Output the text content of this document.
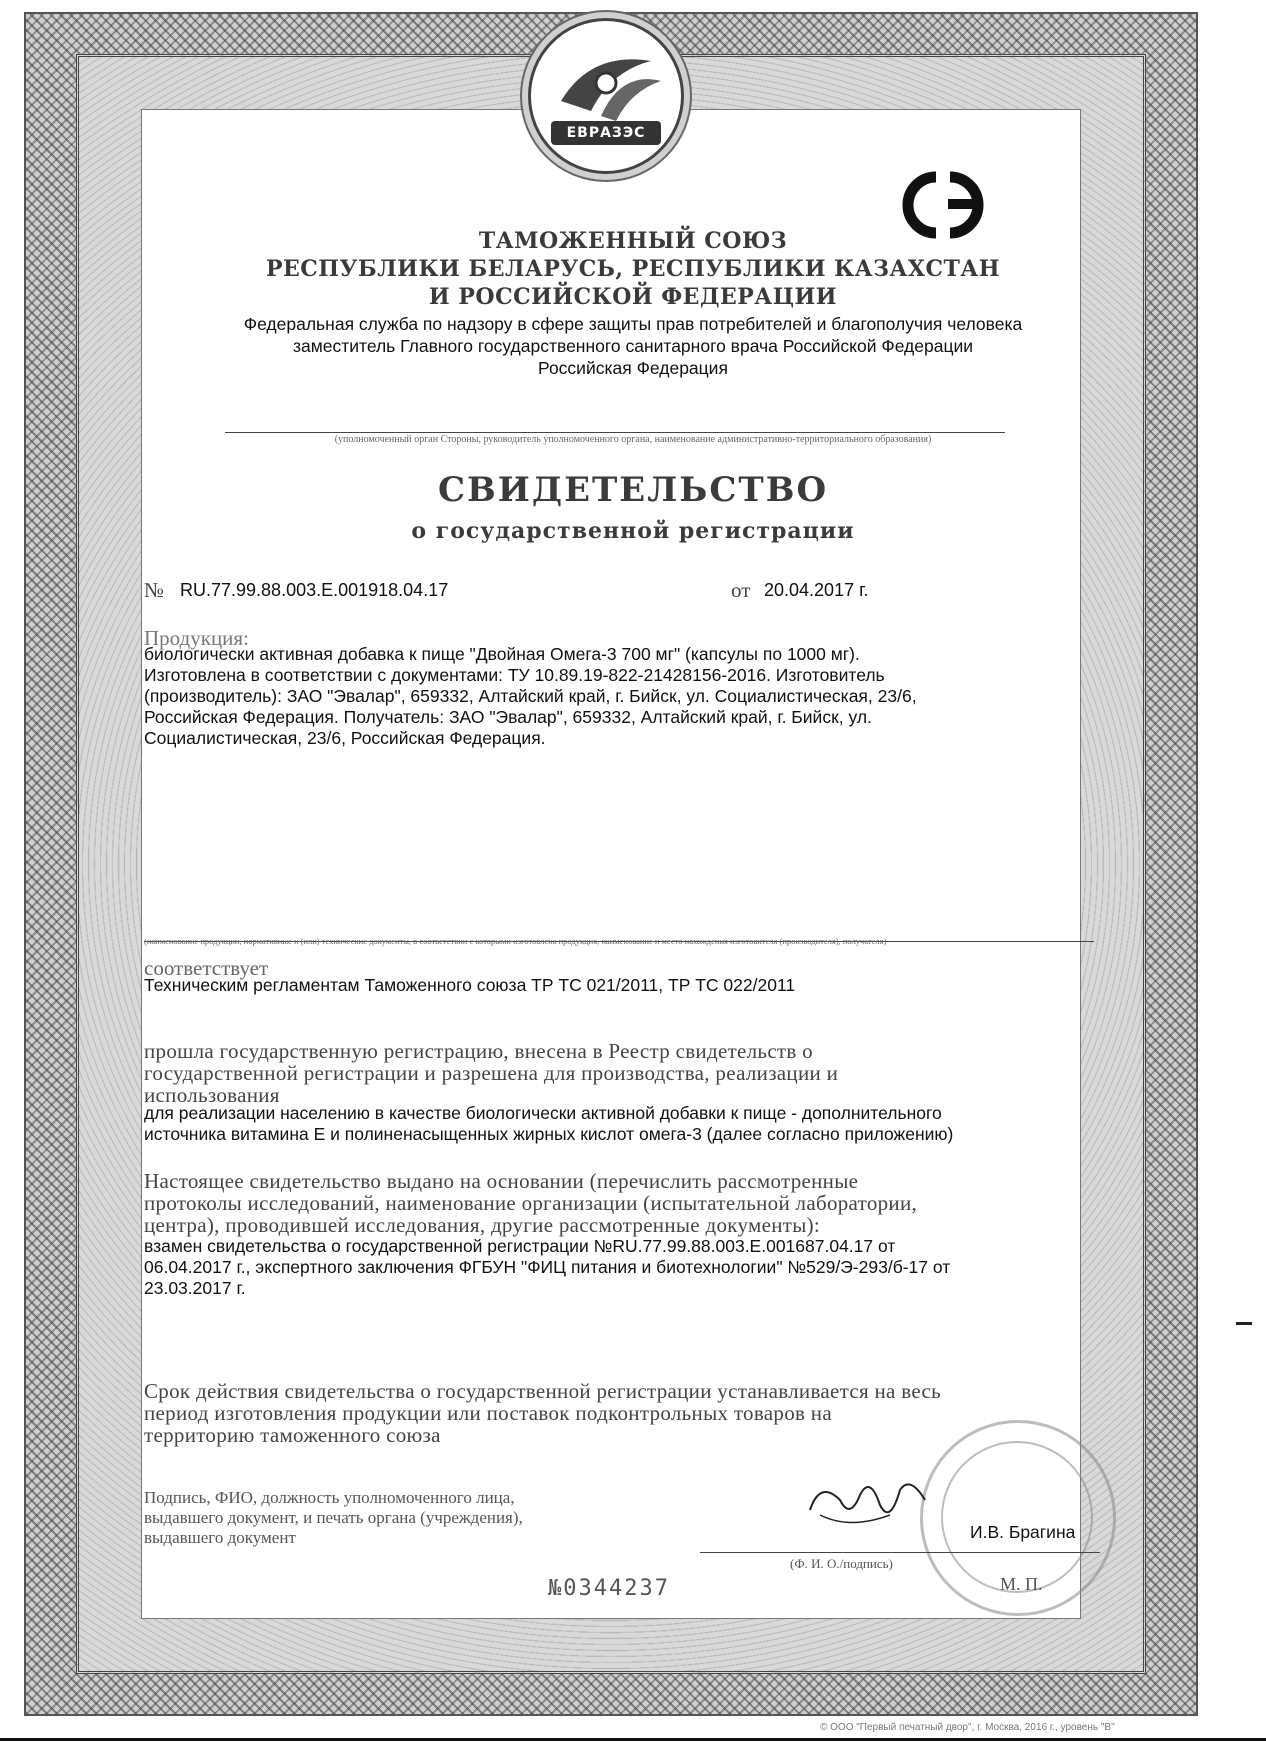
ЕВРАЗЭС
ТАМОЖЕННЫЙ СОЮЗ
РЕСПУБЛИКИ БЕЛАРУСЬ, РЕСПУБЛИКИ КАЗАХСТАН
И РОССИЙСКОЙ ФЕДЕРАЦИИ
Федеральная служба по надзору в сфере защиты прав потребителей и благополучия человека
заместитель Главного государственного санитарного врача Российской Федерации
Российская Федерация
(уполномоченный орган Стороны, руководитель уполномоченного органа, наименование административно-территориального образования)
СВИДЕТЕЛЬСТВО
о государственной регистрации
№ RU.77.99.88.003.Е.001918.04.17	от 20.04.2017 г.
Продукция:
биологически активная добавка к пище "Двойная Омега-3 700 мг" (капсулы по 1000 мг).
Изготовлена в соответствии с документами: ТУ 10.89.19-822-21428156-2016. Изготовитель
(производитель): ЗАО "Эвалар", 659332, Алтайский край, г. Бийск, ул. Социалистическая, 23/6,
Российская Федерация. Получатель: ЗАО "Эвалар", 659332, Алтайский край, г. Бийск, ул.
Социалистическая, 23/6, Российская Федерация.
(наименование продукции, нормативные и (или) технические документы, в соответствии с которыми изготовлена продукция, наименование и место нахождения изготовителя (производителя), получателя)
соответствует
Техническим регламентам Таможенного союза ТР ТС 021/2011, ТР ТС 022/2011
прошла государственную регистрацию, внесена в Реестр свидетельств о
государственной регистрации и разрешена для производства, реализации и
использования
для реализации населению в качестве биологически активной добавки к пище - дополнительного
источника витамина Е и полиненасыщенных жирных кислот омега-3 (далее согласно приложению)
Настоящее свидетельство выдано на основании (перечислить рассмотренные
протоколы исследований, наименование организации (испытательной лаборатории,
центра), проводившей исследования, другие рассмотренные документы):
взамен свидетельства о государственной регистрации №RU.77.99.88.003.Е.001687.04.17 от
06.04.2017 г., экспертного заключения ФГБУН "ФИЦ питания и биотехнологии" №529/Э-293/б-17 от
23.03.2017 г.
Срок действия свидетельства о государственной регистрации устанавливается на весь
период изготовления продукции или поставок подконтрольных товаров на
территорию таможенного союза
Подпись, ФИО, должность уполномоченного лица,
выдавшего документ, и печать органа (учреждения),
выдавшего документ	И.В. Брагина
(Ф. И. О./подпись)
М. П.
№0344237
© ООО "Первый печатный двор", г. Москва, 2016 г., уровень "В"
